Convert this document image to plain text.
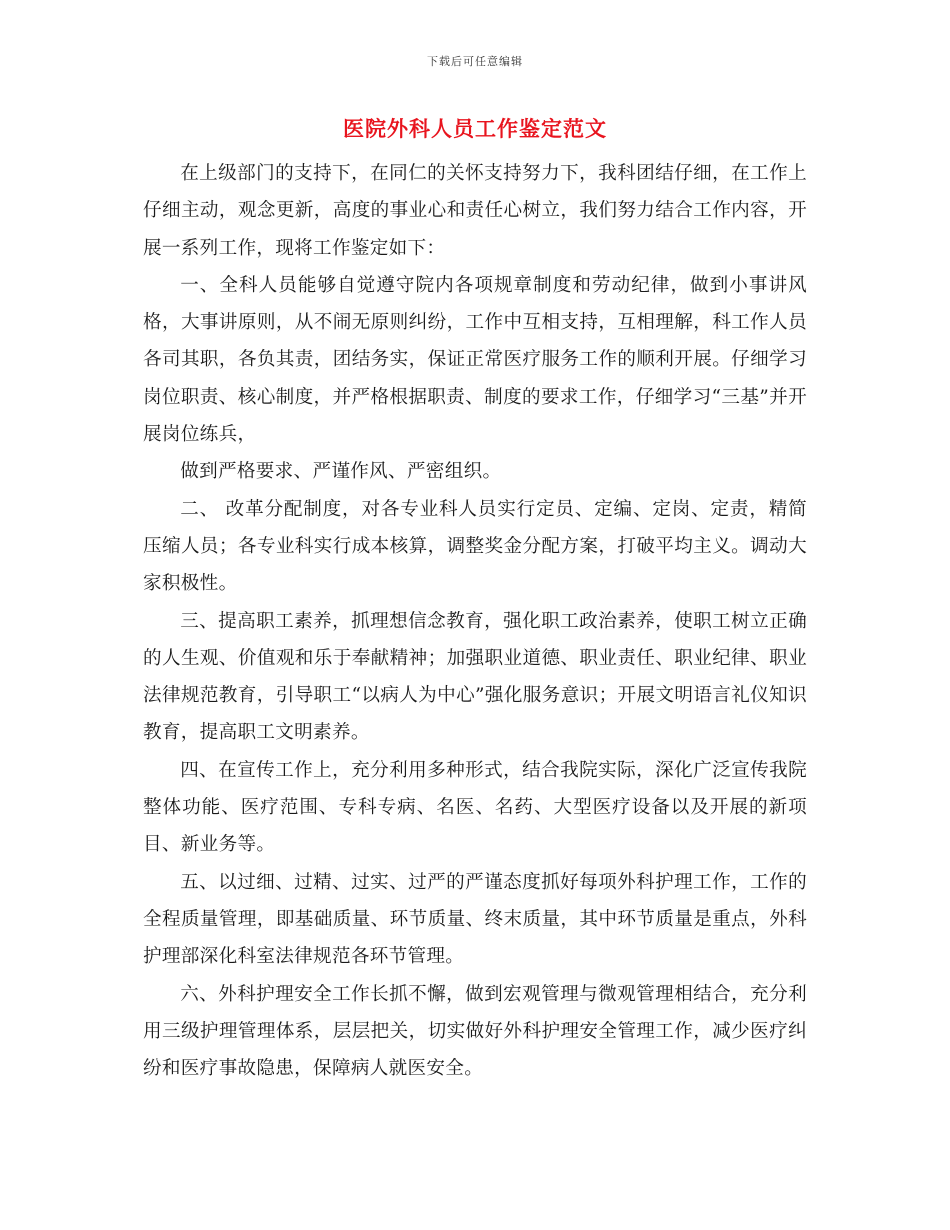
下载后可任意编辑
医院外科人员工作鉴定范文

在上级部门的支持下，在同仁的关怀支持努力下，我科团结仔细，在工作上仔细主动，观念更新，高度的事业心和责任心树立，我们努力结合工作内容，开展一系列工作，现将工作鉴定如下：

一、全科人员能够自觉遵守院内各项规章制度和劳动纪律，做到小事讲风格，大事讲原则，从不闹无原则纠纷，工作中互相支持，互相理解，科工作人员各司其职，各负其责，团结务实，保证正常医疗服务工作的顺利开展。仔细学习岗位职责、核心制度，并严格根据职责、制度的要求工作，仔细学习“三基”并开展岗位练兵，

做到严格要求、严谨作风、严密组织。

二、 改革分配制度，对各专业科人员实行定员、定编、定岗、定责，精简压缩人员；各专业科实行成本核算，调整奖金分配方案，打破平均主义。调动大家积极性。

三、提高职工素养，抓理想信念教育，强化职工政治素养，使职工树立正确的人生观、价值观和乐于奉献精神；加强职业道德、职业责任、职业纪律、职业法律规范教育，引导职工“以病人为中心”强化服务意识；开展文明语言礼仪知识教育，提高职工文明素养。

四、在宣传工作上，充分利用多种形式，结合我院实际，深化广泛宣传我院整体功能、医疗范围、专科专病、名医、名药、大型医疗设备以及开展的新项目、新业务等。

五、以过细、过精、过实、过严的严谨态度抓好每项外科护理工作，工作的全程质量管理，即基础质量、环节质量、终末质量，其中环节质量是重点，外科护理部深化科室法律规范各环节管理。

六、外科护理安全工作长抓不懈，做到宏观管理与微观管理相结合，充分利用三级护理管理体系，层层把关，切实做好外科护理安全管理工作，减少医疗纠纷和医疗事故隐患，保障病人就医安全。
